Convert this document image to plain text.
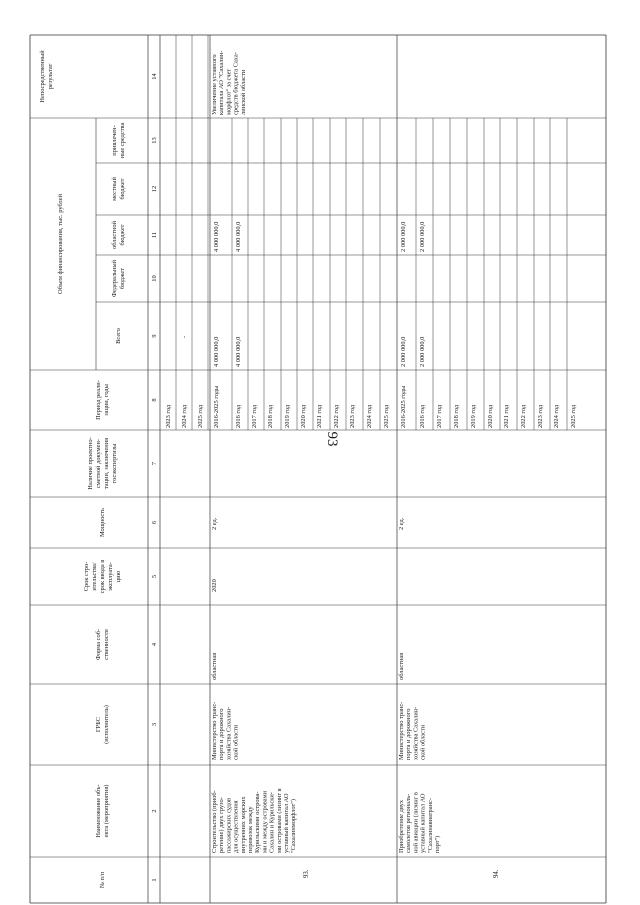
93
№ п/п
Наименование объ- екта (мероприятия)
ГРБС (исполнитель)
Форма соб- ственности
Срок стро- ительства/ срок ввода в эксплуата- цию
Мощность
Наличие проектно- сметной докумен- тации, заключения госэкспертизы
Период реали- зации, годы
Объем финансирования, тыс. рублей
Всего
Федеральный бюджет
областной бюджет
местный бюджет
привлечен- ные средства
Непосредственный результат
1
2
3
4
5
6
7
8
9
10
11
12
13
14
2023 год 2024 год 2025 год
-
93.
Строительство (приоб- ретение) двух грузо- пассажирских судов для осуществления внутренних морских перевозок между Курильскими острова- ми и между островами Сахалин и Курильски- ми островами (лизинг в уставный капитал АО "Сахалинморфлот")
Министерство транс- порта и дорожного хозяйства Сахалин- ской области
областная
2020
2 ед.
2016-2025 годы 2016 год 2017 год 2018 год 2019 год 2020 год 2021 год 2022 год 2023 год 2024 год 2025 год
4 000 000,0 4 000 000,0
4 000 000,0 4 000 000,0
Увеличение уставного капитала АО "Сахалин- морфлот" за счет средств бюджета Саха- линской области
94.
Приобретение двух самолетов региональ- ной авиации (лизинг в уставный капитал АО "Сахалинавиатранс- порт")
Министерство транс- порта и дорожного хозяйства Сахалин- ской области
областная
2 ед.
2016-2025 годы 2016 год 2017 год 2018 год 2019 год 2020 год 2021 год 2022 год 2023 год 2024 год 2025 год
2 000 000,0 2 000 000,0
2 000 000,0 2 000 000,0
